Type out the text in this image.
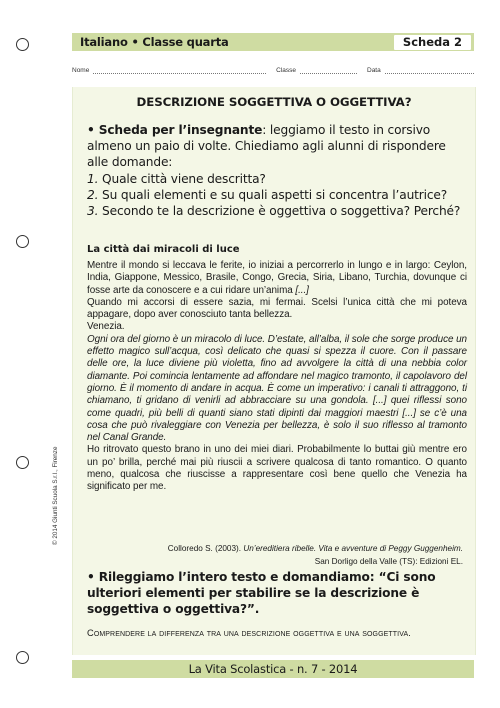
Italiano • Classe quarta	Scheda 2
Nome	Classe	Data
DESCRIZIONE SOGGETTIVA O OGGETTIVA?
• Scheda per l’insegnante: leggiamo il testo in corsivo almeno un paio di volte. Chiediamo agli alunni di rispondere alle domande:
1. Quale città viene descritta?
2. Su quali elementi e su quali aspetti si concentra l’autrice?
3. Secondo te la descrizione è oggettiva o soggettiva? Perché?
La città dai miracoli di luce

Mentre il mondo si leccava le ferite, io iniziai a percorrerlo in lungo e in largo: Ceylon, India, Giappone, Messico, Brasile, Congo, Grecia, Siria, Libano, Turchia, dovunque ci fosse arte da conoscere e a cui ridare un’anima [...]

Quando mi accorsi di essere sazia, mi fermai. Scelsi l’unica città che mi poteva appagare, dopo aver conosciuto tanta bellezza.

Venezia.

Ogni ora del giorno è un miracolo di luce. D’estate, all’alba, il sole che sorge produce un effetto magico sull’acqua, così delicato che quasi si spezza il cuore. Con il passare delle ore, la luce diviene più violetta, fino ad avvolgere la città di una nebbia color diamante. Poi comincia lentamente ad affondare nel magico tramonto, il capolavoro del giorno. È il momento di andare in acqua. È come un imperativo: i canali ti attraggono, ti chiamano, ti gridano di venirli ad abbracciare su una gondola. [...] quei riflessi sono come quadri, più belli di quanti siano stati dipinti dai maggiori maestri [...] se c’è una cosa che può rivaleggiare con Venezia per bellezza, è solo il suo riflesso al tramonto nel Canal Grande.

Ho ritrovato questo brano in uno dei miei diari. Probabilmente lo buttai giù mentre ero un po’ brilla, perché mai più riuscii a scrivere qualcosa di tanto romantico. O quanto meno, qualcosa che riuscisse a rappresentare così bene quello che Venezia ha significato per me.

Colloredo S. (2003). Un’ereditiera ribelle. Vita e avventure di Peggy Guggenheim.
San Dorligo della Valle (TS): Edizioni EL.
• Rileggiamo l’intero testo e domandiamo: “Ci sono ulteriori elementi per stabilire se la descrizione è soggettiva o oggettiva?”.
Comprendere la differenza tra una descrizione oggettiva e una soggettiva.
© 2014 Giunti Scuola S.r.l., Firenze
La Vita Scolastica - n. 7 - 2014
